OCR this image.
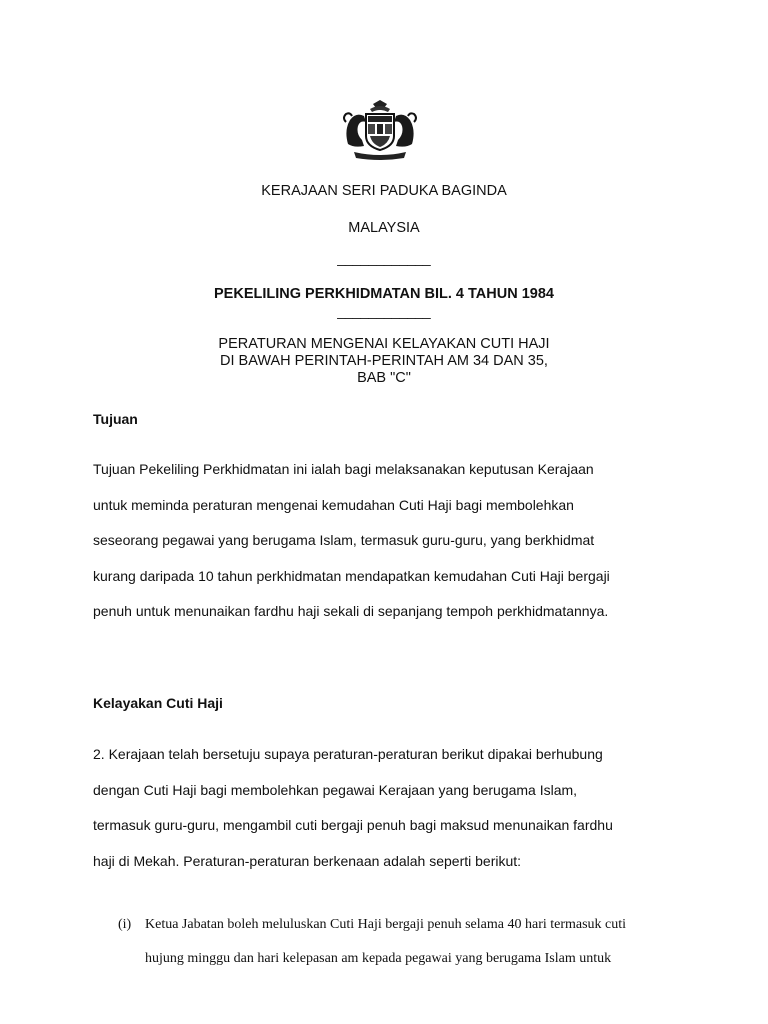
KERAJAAN SERI PADUKA BAGINDA
MALAYSIA
____________
PEKELILING PERKHIDMATAN BIL. 4 TAHUN 1984
____________
PERATURAN MENGENAI KELAYAKAN CUTI HAJI
DI BAWAH PERINTAH-PERINTAH AM 34 DAN 35,
BAB "C"
Tujuan
Tujuan Pekeliling Perkhidmatan ini ialah bagi melaksanakan keputusan Kerajaan
untuk meminda peraturan mengenai kemudahan Cuti Haji bagi membolehkan
seseorang pegawai yang berugama Islam, termasuk guru-guru, yang berkhidmat
kurang daripada 10 tahun perkhidmatan mendapatkan kemudahan Cuti Haji bergaji
penuh untuk menunaikan fardhu haji sekali di sepanjang tempoh perkhidmatannya.
Kelayakan Cuti Haji
2. Kerajaan telah bersetuju supaya peraturan-peraturan berikut dipakai berhubung
dengan Cuti Haji bagi membolehkan pegawai Kerajaan yang berugama Islam,
termasuk guru-guru, mengambil cuti bergaji penuh bagi maksud menunaikan fardhu
haji di Mekah. Peraturan-peraturan berkenaan adalah seperti berikut:
(i) Ketua Jabatan boleh meluluskan Cuti Haji bergaji penuh selama 40 hari termasuk cuti
hujung minggu dan hari kelepasan am kepada pegawai yang berugama Islam untuk
